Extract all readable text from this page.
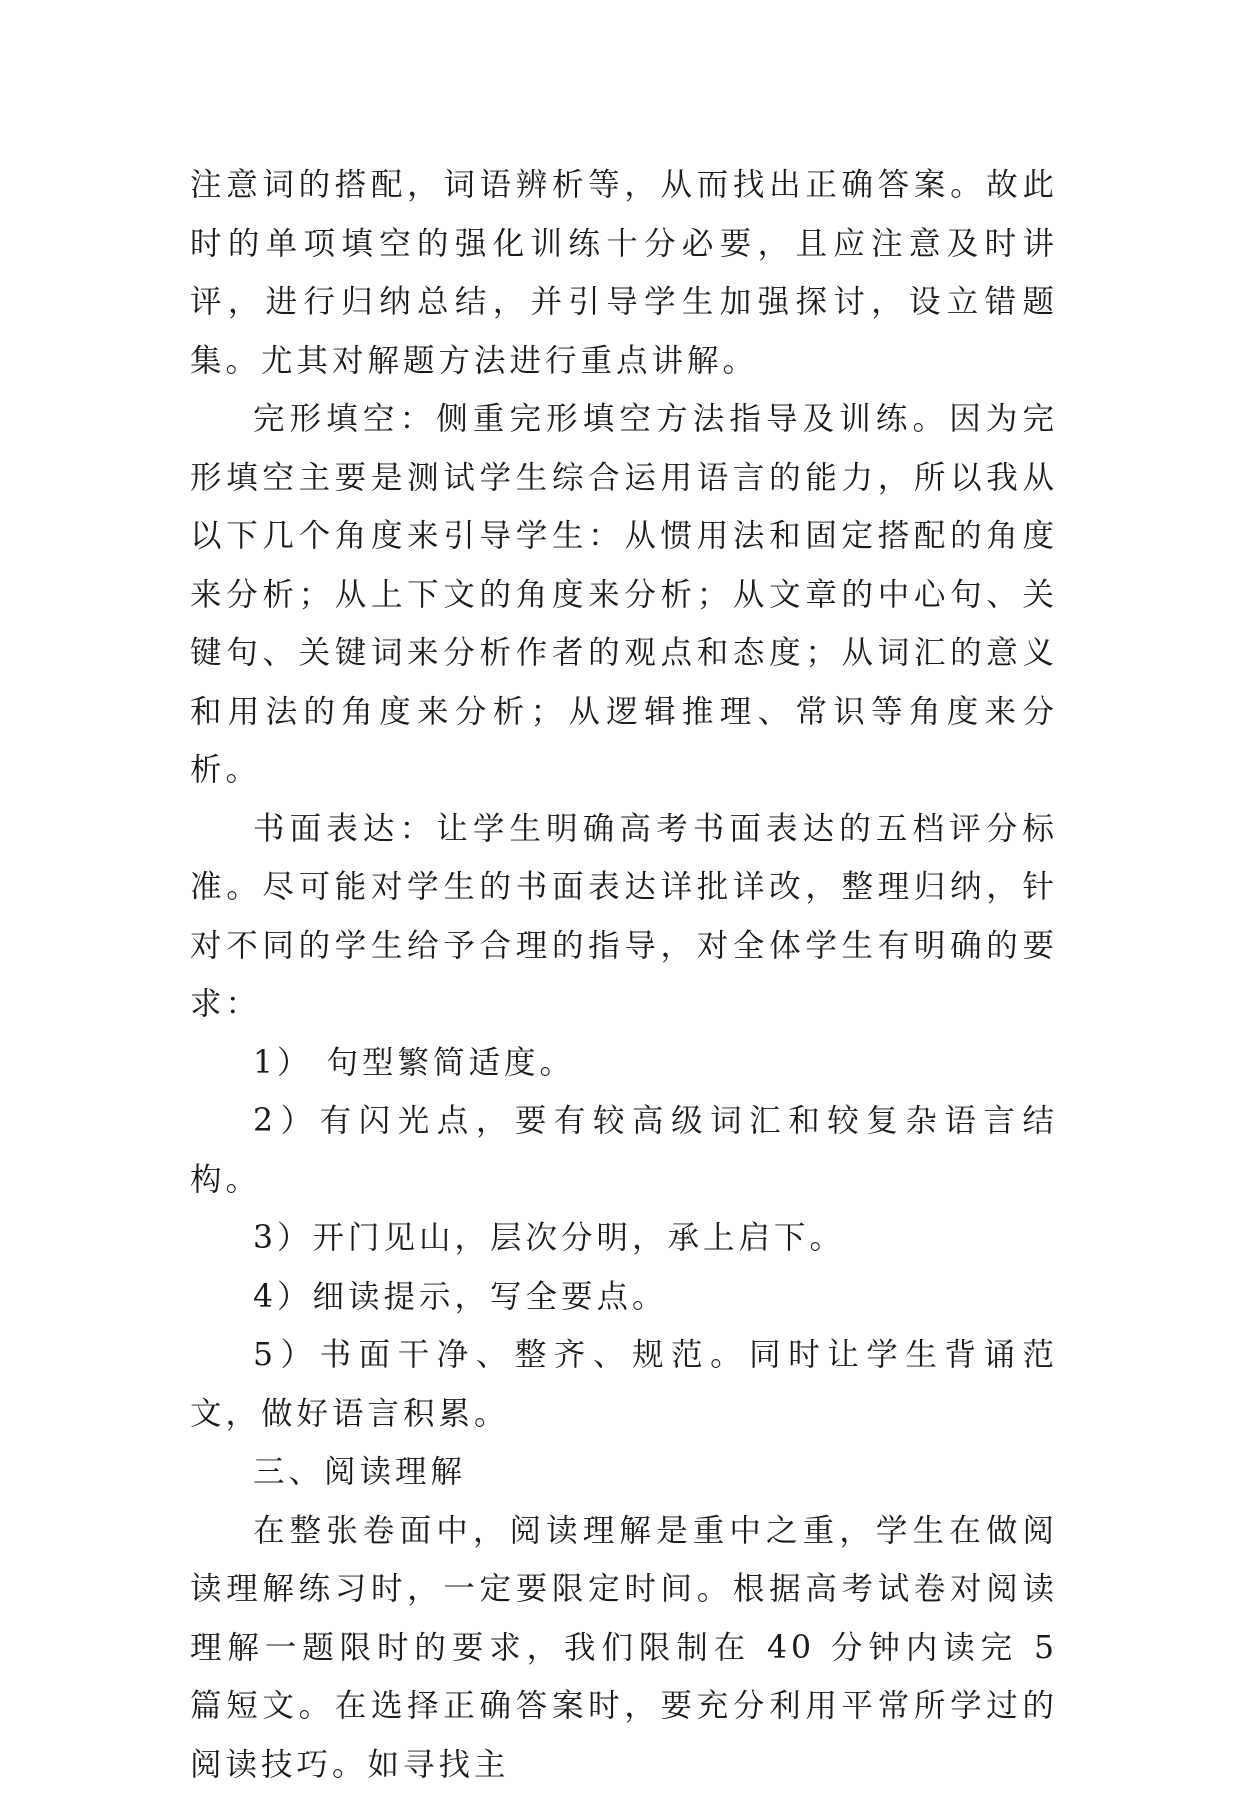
注意词的搭配，词语辨析等，从而找出正确答案。故此时的单项填空的强化训练十分必要，且应注意及时讲评，进行归纳总结，并引导学生加强探讨，设立错题集。尤其对解题方法进行重点讲解。

完形填空：侧重完形填空方法指导及训练。因为完形填空主要是测试学生综合运用语言的能力，所以我从以下几个角度来引导学生：从惯用法和固定搭配的角度来分析；从上下文的角度来分析；从文章的中心句、关键句、关键词来分析作者的观点和态度；从词汇的意义和用法的角度来分析；从逻辑推理、常识等角度来分析。

书面表达：让学生明确高考书面表达的五档评分标准。尽可能对学生的书面表达详批详改，整理归纳，针对不同的学生给予合理的指导，对全体学生有明确的要求：

1） 句型繁简适度。

2）有闪光点，要有较高级词汇和较复杂语言结构。

3）开门见山，层次分明，承上启下。

4）细读提示，写全要点。

5）书面干净、整齐、规范。同时让学生背诵范文，做好语言积累。

三、阅读理解

在整张卷面中，阅读理解是重中之重，学生在做阅读理解练习时，一定要限定时间。根据高考试卷对阅读理解一题限时的要求，我们限制在 40 分钟内读完 5 篇短文。在选择正确答案时，要充分利用平常所学过的阅读技巧。如寻找主
